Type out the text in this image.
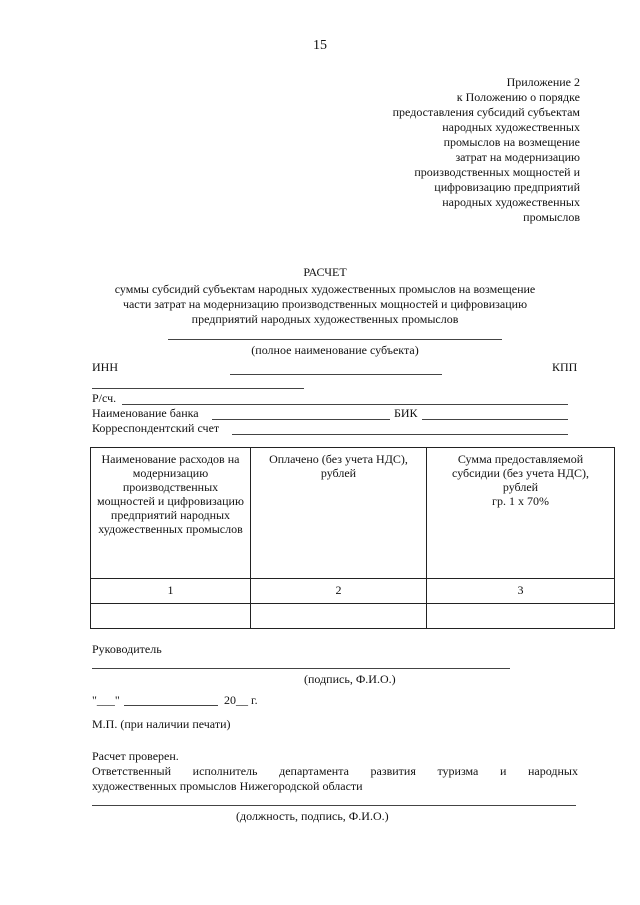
15
Приложение 2
к Положению о порядке
предоставления субсидий субъектам
народных художественных
промыслов на возмещение
затрат на модернизацию
производственных мощностей и
цифровизацию предприятий
народных художественных
промыслов
РАСЧЕТ
суммы субсидий субъектам народных художественных промыслов на возмещение
части затрат на модернизацию производственных мощностей и цифровизацию
предприятий народных художественных промыслов
(полное наименование субъекта)
ИНН	КПП
Р/сч.
Наименование банка	БИК
Корреспондентский счет
Наименование расходов на модернизацию производственных мощностей и цифровизацию предприятий народных художественных промыслов	Оплачено (без учета НДС), рублей	Сумма предоставляемой
субсидии (без учета НДС),
рублей
гр. 1 х 70%

1	2	3

Руководитель
(подпись, Ф.И.О.)
"___"	20__ г.
М.П. (при наличии печати)
Расчет проверен.
Ответственный исполнитель департамента развития туризма и народных
художественных промыслов Нижегородской области
(должность, подпись, Ф.И.О.)
